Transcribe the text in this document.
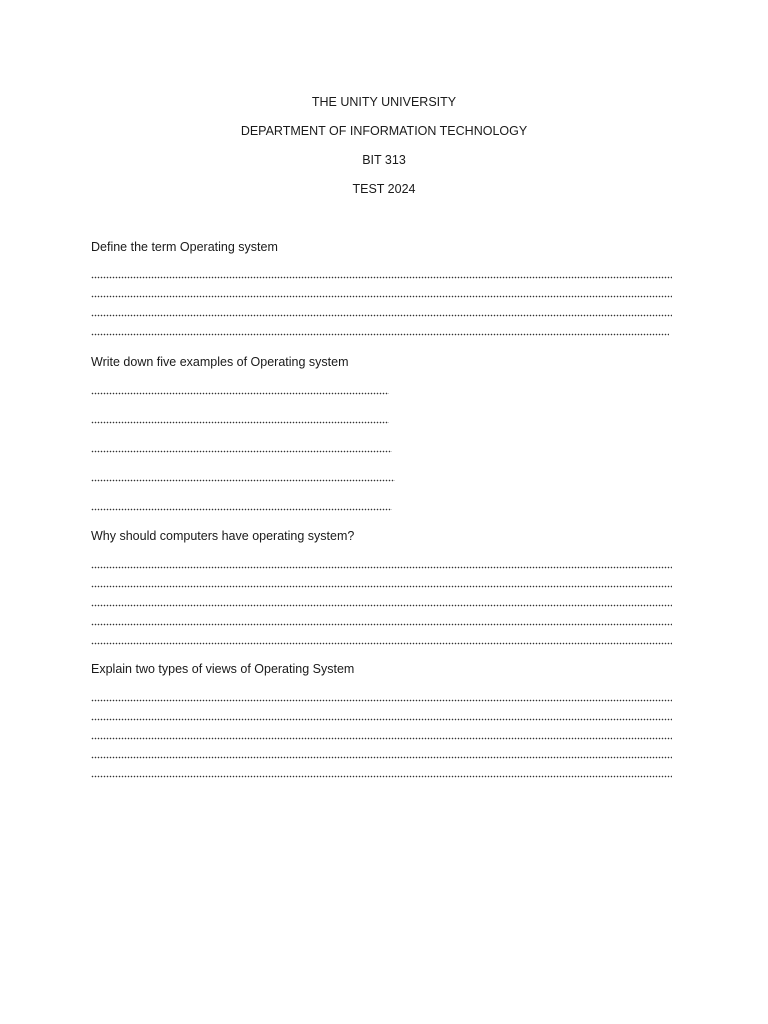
THE UNITY UNIVERSITY
DEPARTMENT OF INFORMATION TECHNOLOGY
BIT 313
TEST 2024
Define the term Operating system
Write down five examples of Operating system
Why should computers have operating system?
Explain two types of views of Operating System
